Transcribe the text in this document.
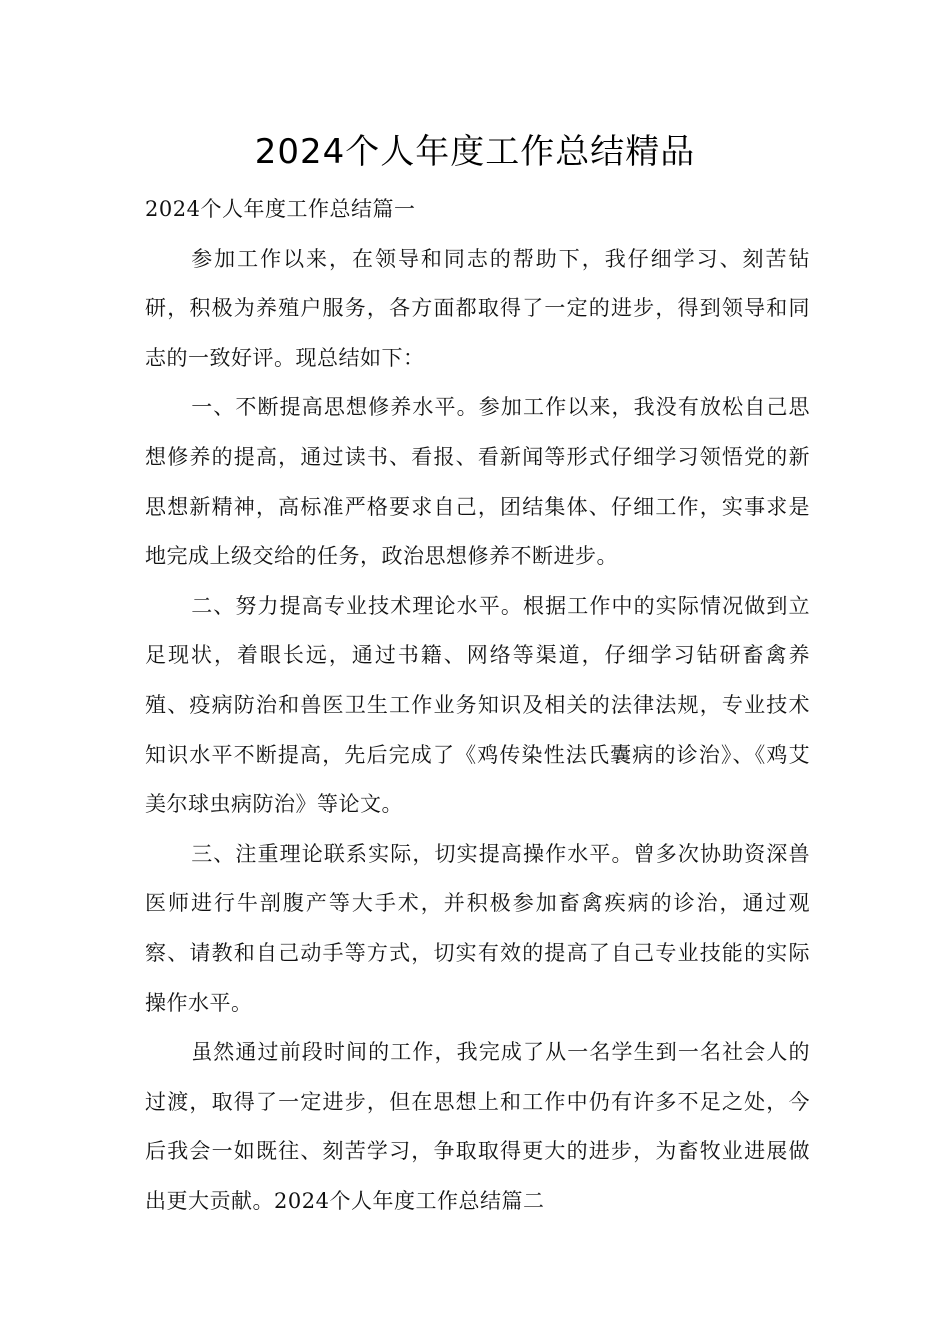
2024个人年度工作总结精品

2024个人年度工作总结篇一

参加工作以来，在领导和同志的帮助下，我仔细学习、刻苦钻研，积极为养殖户服务，各方面都取得了一定的进步，得到领导和同志的一致好评。现总结如下：

一、不断提高思想修养水平。参加工作以来，我没有放松自己思想修养的提高，通过读书、看报、看新闻等形式仔细学习领悟党的新思想新精神，高标准严格要求自己，团结集体、仔细工作，实事求是地完成上级交给的任务，政治思想修养不断进步。

二、努力提高专业技术理论水平。根据工作中的实际情况做到立足现状，着眼长远，通过书籍、网络等渠道，仔细学习钻研畜禽养殖、疫病防治和兽医卫生工作业务知识及相关的法律法规，专业技术知识水平不断提高，先后完成了《鸡传染性法氏囊病的诊治》、《鸡艾美尔球虫病防治》等论文。

三、注重理论联系实际，切实提高操作水平。曾多次协助资深兽医师进行牛剖腹产等大手术，并积极参加畜禽疾病的诊治，通过观察、请教和自己动手等方式，切实有效的提高了自己专业技能的实际操作水平。

虽然通过前段时间的工作，我完成了从一名学生到一名社会人的过渡，取得了一定进步，但在思想上和工作中仍有许多不足之处，今后我会一如既往、刻苦学习，争取取得更大的进步，为畜牧业进展做出更大贡献。2024个人年度工作总结篇二
